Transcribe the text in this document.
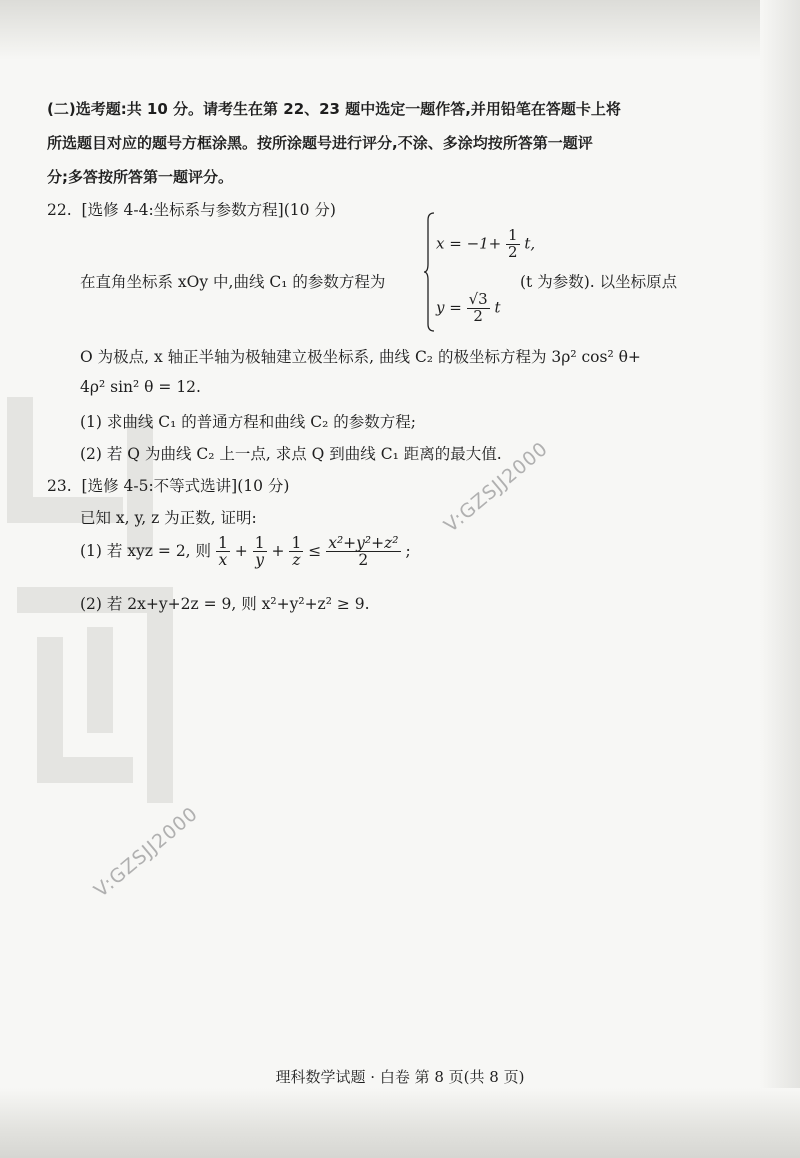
(二)选考题:共 10 分。请考生在第 22、23 题中选定一题作答,并用铅笔在答题卡上将
所选题目对应的题号方框涂黑。按所涂题号进行评分,不涂、多涂均按所答第一题评
分;多答按所答第一题评分。
22. [选修 4-4:坐标系与参数方程](10 分)
在直角坐标系 xOy 中,曲线 C₁ 的参数方程为
$x = -1+ \frac{1}{2} t$,
$y = \frac{√3}{2}$ t
(t 为参数). 以坐标原点
O 为极点, x 轴正半轴为极轴建立极坐标系, 曲线 C₂ 的极坐标方程为 3ρ² cos² θ+
4ρ² sin² θ = 12.
(1) 求曲线 C₁ 的普通方程和曲线 C₂ 的参数方程;
(2) 若 Q 为曲线 C₂ 上一点, 求点 Q 到曲线 C₁ 距离的最大值.
23. [选修 4-5:不等式选讲](10 分)
已知 x, y, z 为正数, 证明:
(1) 若 xyz = 2, 则 $\frac{1}{x} + \frac{1}{y} + \frac{1}{z} \le \frac{\text{x²+y²+z²}}{2}$ ;
(2) 若 2x+y+2z = 9, 则 x²+y²+z² ≥ 9.
V:GZSJJ2000
V:GZSJJ2000
理科数学试题 · 白卷 第 8 页(共 8 页)
